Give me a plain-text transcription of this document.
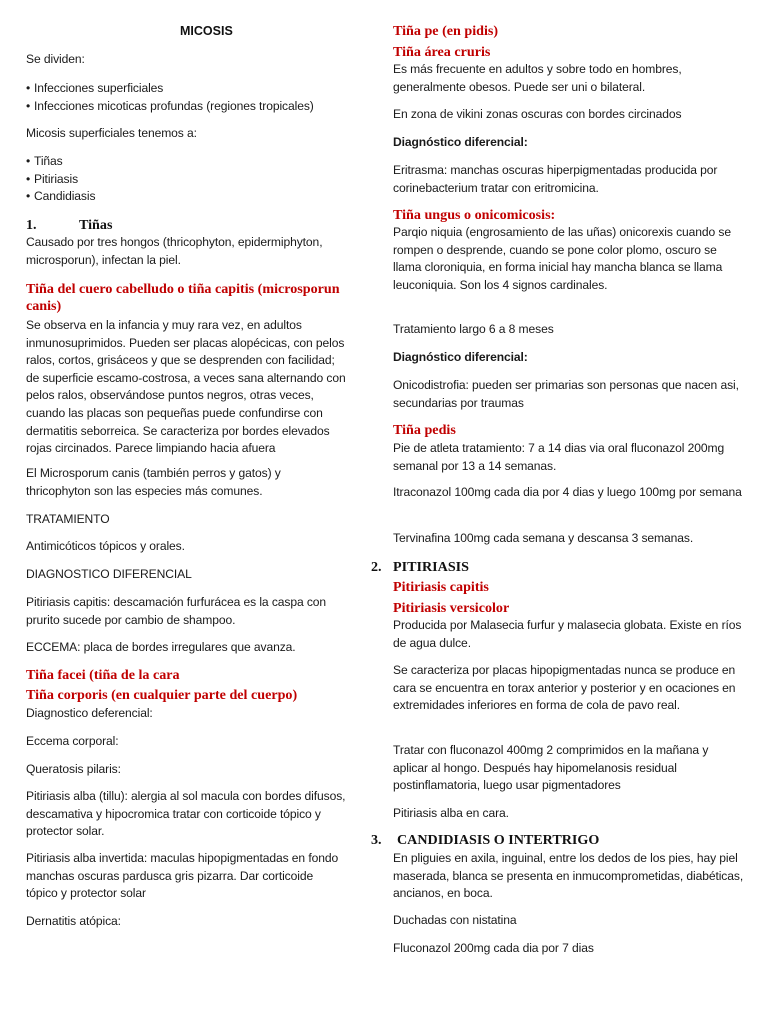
MICOSIS

Se dividen:

• Infecciones superficiales
• Infecciones micoticas profundas (regiones tropicales)

Micosis superficiales tenemos a:

• Tiñas
• Pitiriasis
• Candidiasis
1.	Tiñas

Causado por tres hongos (thricophyton, epidermiphyton, microsporun), infectan la piel.

Tiña del cuero cabelludo o tiña capitis (microsporun canis)

Se observa en la infancia y muy rara vez, en adultos inmunosuprimidos. Pueden ser placas alopécicas, con pelos ralos, cortos, grisáceos y que se desprenden con facilidad; de superficie escamo-costrosa, a veces sana alternando con pelos ralos, observándose puntos negros, otras veces, cuando las placas son pequeñas puede confundirse con dermatitis seborreica. Se caracteriza por bordes elevados rojas circinados. Parece limpiando hacia afuera

El Microsporum canis (también perros y gatos) y thricophyton son las especies más comunes.

TRATAMIENTO

Antimicóticos tópicos y orales.

DIAGNOSTICO DIFERENCIAL

Pitiriasis capitis: descamación furfurácea es la caspa con prurito sucede por cambio de shampoo.

ECCEMA: placa de bordes irregulares que avanza.

Tiña facei (tiña de la cara

Tiña corporis (en cualquier parte del cuerpo)

Diagnostico deferencial:

Eccema corporal:

Queratosis pilaris:

Pitiriasis alba (tillu): alergia al sol macula con bordes difusos, descamativa y hipocromica tratar con corticoide tópico y protector solar.

Pitiriasis alba invertida: maculas hipopigmentadas en fondo manchas oscuras pardusca gris pizarra. Dar corticoide tópico y protector solar

Dernatitis atópica:

Tiña pe (en pidis)

Tiña área cruris

Es más frecuente en adultos y sobre todo en hombres, generalmente obesos. Puede ser uni o bilateral.

En zona de vikini zonas oscuras con bordes circinados

Diagnóstico diferencial:

Eritrasma: manchas oscuras hiperpigmentadas producida por corinebacterium tratar con eritromicina.

Tiña ungus o onicomicosis:

Parqio niquia (engrosamiento de las uñas) onicorexis cuando se rompen o desprende, cuando se pone color plomo, oscuro se llama cloroniquia, en forma inicial hay mancha blanca se llama leuconiquia. Son los 4 signos cardinales.

Tratamiento largo 6 a 8 meses

Diagnóstico diferencial:

Onicodistrofia: pueden ser primarias son personas que nacen asi, secundarias por traumas

Tiña pedis

Pie de atleta tratamiento: 7 a 14 dias via oral fluconazol 200mg semanal por 13 a 14 semanas.

Itraconazol 100mg cada dia por 4 dias y luego 100mg por semana

Tervinafina 100mg cada semana y descansa 3 semanas.

2. PITIRIASIS

Pitiriasis capitis

Pitiriasis versicolor

Producida por Malasecia furfur y malasecia globata. Existe en ríos de agua dulce.

Se caracteriza por placas hipopigmentadas nunca se produce en cara se encuentra en torax anterior y posterior y en ocaciones en extremidades inferiores en forma de cola de pavo real.

Tratar con fluconazol 400mg 2 comprimidos en la mañana y aplicar al hongo. Después hay hipomelanosis residual postinflamatoria, luego usar pigmentadores

Pitiriasis alba en cara.

3. CANDIDIASIS O INTERTRIGO

En pliguies en axila, inguinal, entre los dedos de los pies, hay piel maserada, blanca se presenta en inmucomprometidas, diabéticas, ancianos, en boca.

Duchadas con nistatina

Fluconazol 200mg cada dia por 7 dias
